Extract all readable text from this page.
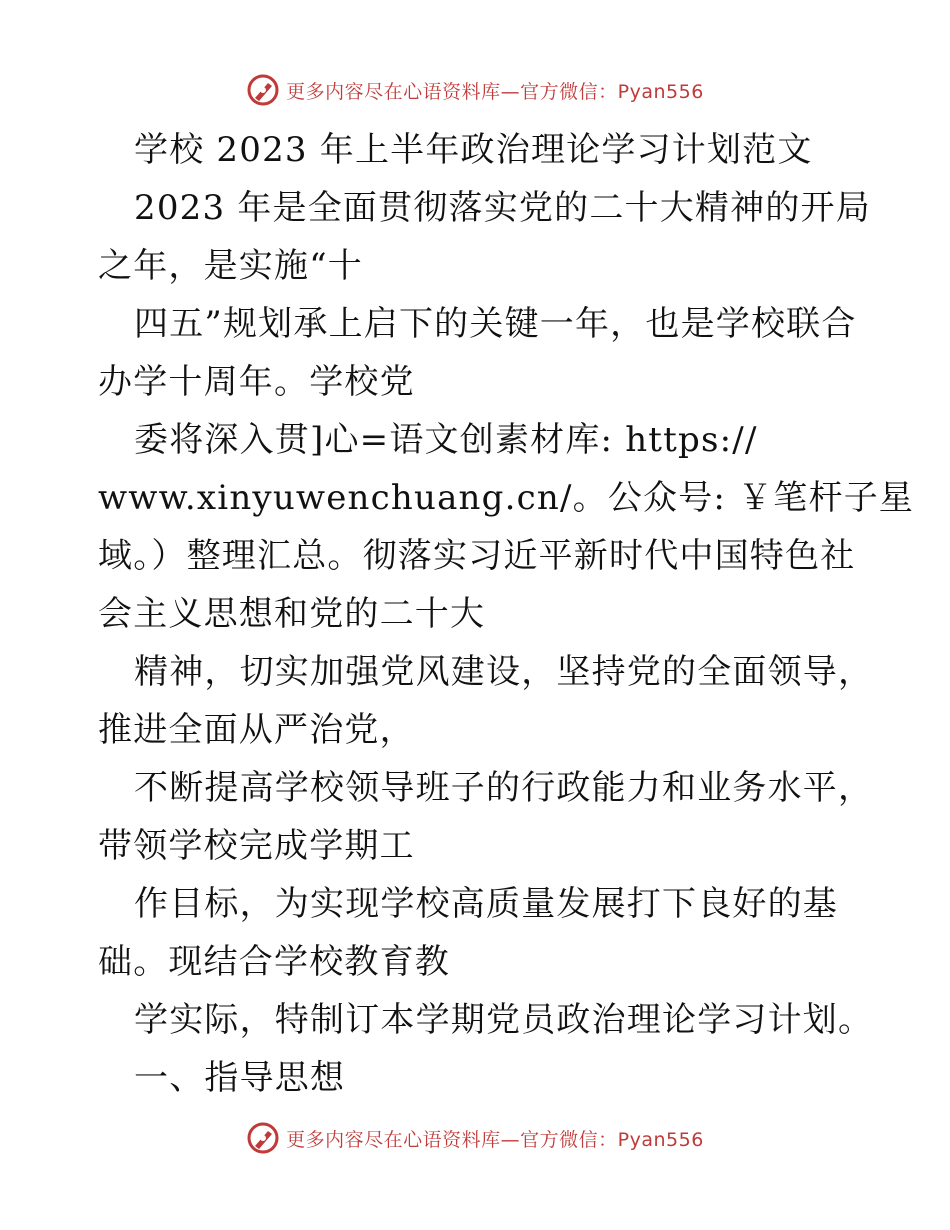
更多内容尽在心语资料库—官方微信：Pyan556
学校 2023 年上半年政治理论学习计划范文
2023 年是全面贯彻落实党的二十大精神的开局
之年，是实施“十
四五”规划承上启下的关键一年，也是学校联合
办学十周年。学校党
委将深入贯]心=语文创素材库: https://
www.xinyuwenchuang.cn/。公众号: ￥笔杆子星
域。）整理汇总。彻落实习近平新时代中国特色社
会主义思想和党的二十大
精神，切实加强党风建设，坚持党的全面领导，
推进全面从严治党，
不断提高学校领导班子的行政能力和业务水平，
带领学校完成学期工
作目标，为实现学校高质量发展打下良好的基
础。现结合学校教育教
学实际，特制订本学期党员政治理论学习计划。
一、指导思想
更多内容尽在心语资料库—官方微信：Pyan556
